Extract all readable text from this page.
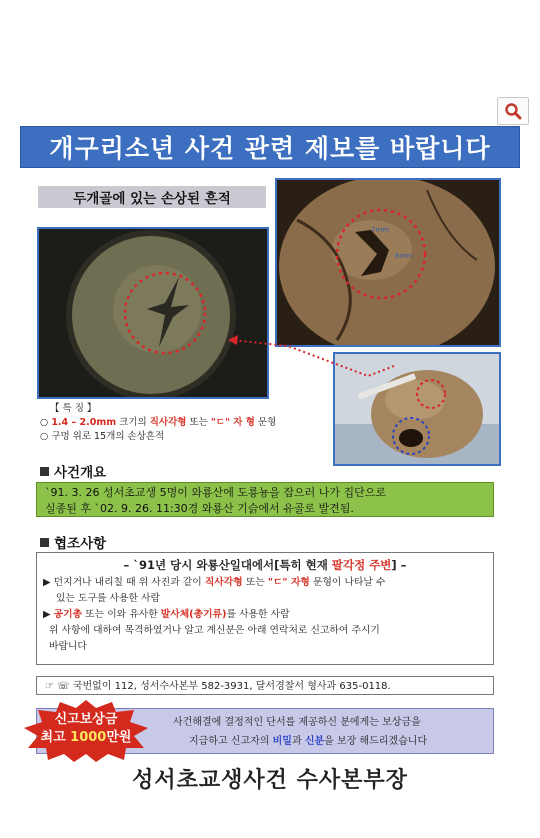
개구리소년 사건 관련 제보를 바랍니다
두개골에 있는 손상된 흔적
7mm
8mm
【 특 징 】
○ 1.4 – 2.0mm 크기의 직사각형 또는 "ㄷ" 자 형 문형
○ 구멍 위로 15개의 손상흔적
사건개요
`91. 3. 26 성서초교생 5명이 와룡산에 도룡뇽을 잡으러 나가 집단으로
실종된 후 `02. 9. 26. 11:30경 와룡산 기슭에서 유골로 발견됨.
협조사항
– `91년 당시 와룡산일대에서[특히 현재 팔각정 주변] –
▶ 던지거나 내리칠 때 위 사진과 같이 직사각형 또는 "ㄷ" 자형 문형이 나타날 수
있는 도구를 사용한 사람
▶ 공기총 또는 이와 유사한 발사체(총기류)를 사용한 사람
위 사항에 대하여 목격하였거나 알고 계신분은 아래 연락처로 신고하여 주시기
바랍니다
☞ ☏ 국번없이 112, 성서수사본부 582-3931, 달서경찰서 형사과 635-0118.
사건해결에 결정적인 단서를 제공하신 분에게는 보상금을
지급하고 신고자의 비밀과 신분을 보장 해드리겠습니다
신고보상금
최고 1000만원
성서초교생사건 수사본부장
